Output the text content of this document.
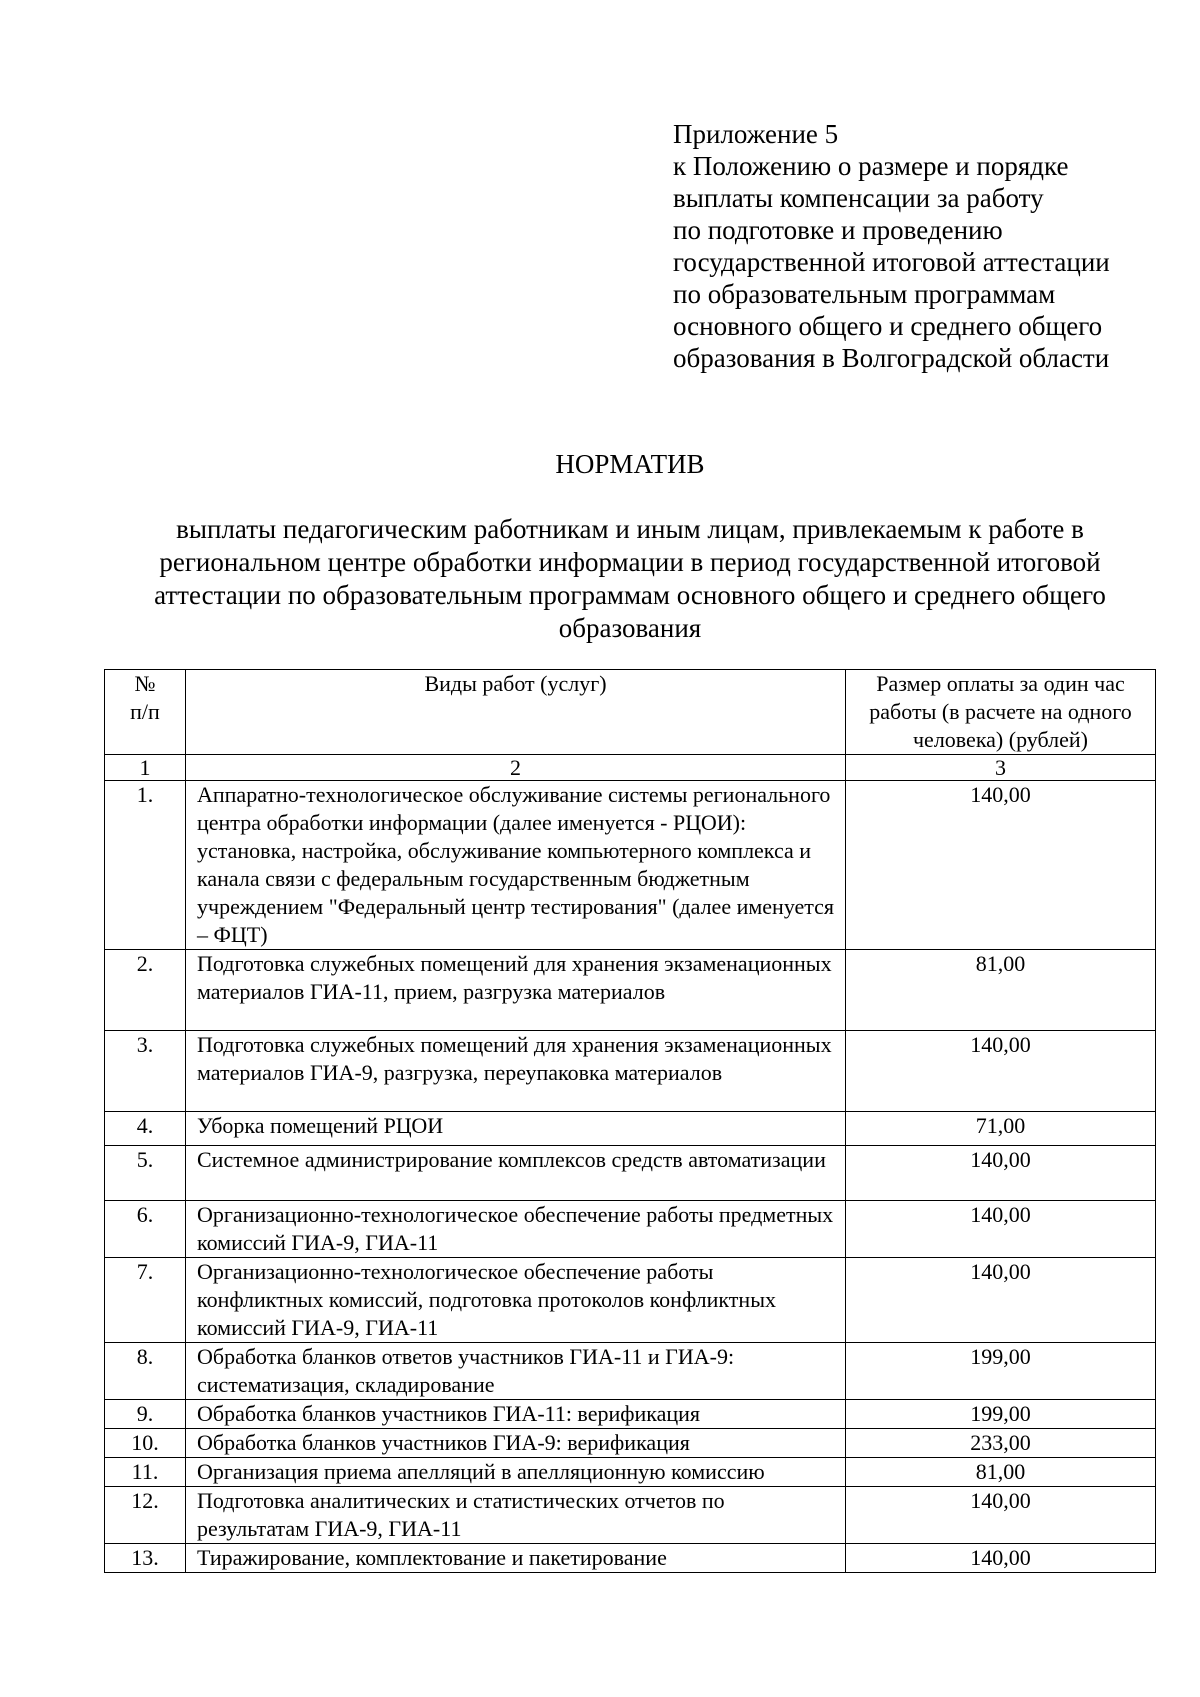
Приложение 5
к Положению о размере и порядке
выплаты компенсации за работу
по подготовке и проведению
государственной итоговой аттестации
по образовательным программам
основного общего и среднего общего
образования в Волгоградской области
НОРМАТИВ
выплаты педагогическим работникам и иным лицам, привлекаемым к работе в
региональном центре обработки информации в период государственной итоговой
аттестации по образовательным программам основного общего и среднего общего
образования
№
п/п	Виды работ (услуг)	Размер оплаты за один час работы (в расчете на одного человека) (рублей)
1	2	3
1.	Аппаратно-технологическое обслуживание системы регионального центра обработки информации (далее именуется - РЦОИ): установка, настройка, обслуживание компьютерного комплекса и канала связи с федеральным государственным бюджетным учреждением "Федеральный центр тестирования" (далее именуется – ФЦТ)	140,00
2.	Подготовка служебных помещений для хранения экзаменационных материалов ГИА-11, прием, разгрузка материалов	81,00
3.	Подготовка служебных помещений для хранения экзаменационных материалов ГИА-9, разгрузка, переупаковка материалов	140,00
4.	Уборка помещений РЦОИ	71,00
5.	Системное администрирование комплексов средств автоматизации	140,00
6.	Организационно-технологическое обеспечение работы предметных комиссий ГИА-9, ГИА-11	140,00
7.	Организационно-технологическое обеспечение работы конфликтных комиссий, подготовка протоколов конфликтных комиссий ГИА-9, ГИА-11	140,00
8.	Обработка бланков ответов участников ГИА-11 и ГИА-9: систематизация, складирование	199,00
9.	Обработка бланков участников ГИА-11: верификация	199,00
10.	Обработка бланков участников ГИА-9: верификация	233,00
11.	Организация приема апелляций в апелляционную комиссию	81,00
12.	Подготовка аналитических и статистических отчетов по результатам ГИА-9, ГИА-11	140,00
13.	Тиражирование, комплектование и пакетирование	140,00
